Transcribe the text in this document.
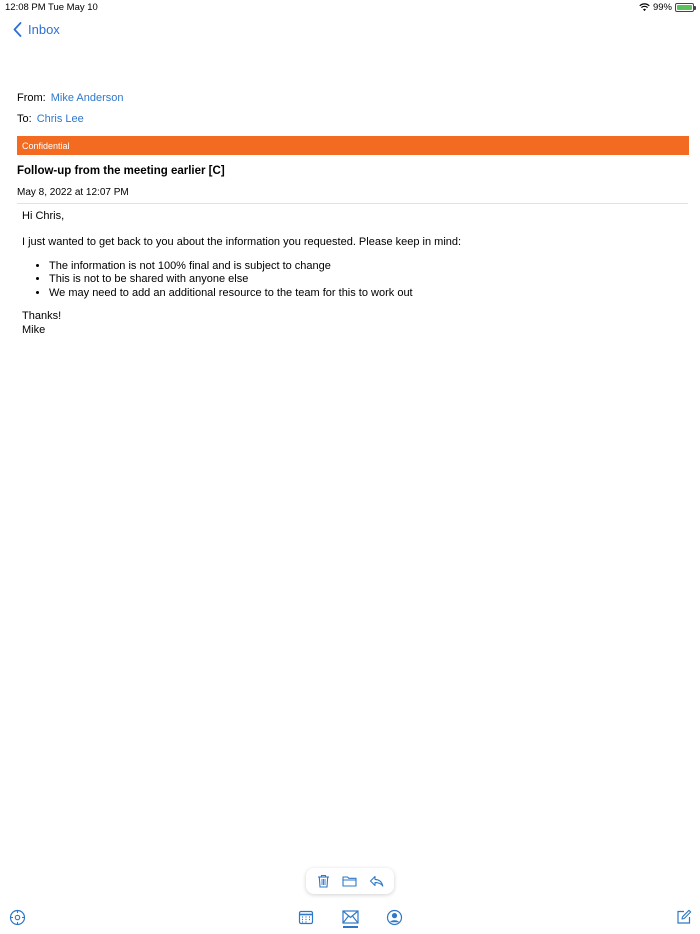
12:08 PM Tue May 10	99%
Inbox
From: Mike Anderson
To: Chris Lee
Confidential
Follow-up from the meeting earlier [C]
May 8, 2022 at 12:07 PM

Hi Chris,

I just wanted to get back to you about the information you requested. Please keep in mind:

• The information is not 100% final and is subject to change
• This is not to be shared with anyone else
• We may need to add an additional resource to the team for this to work out

Thanks!

Mike
